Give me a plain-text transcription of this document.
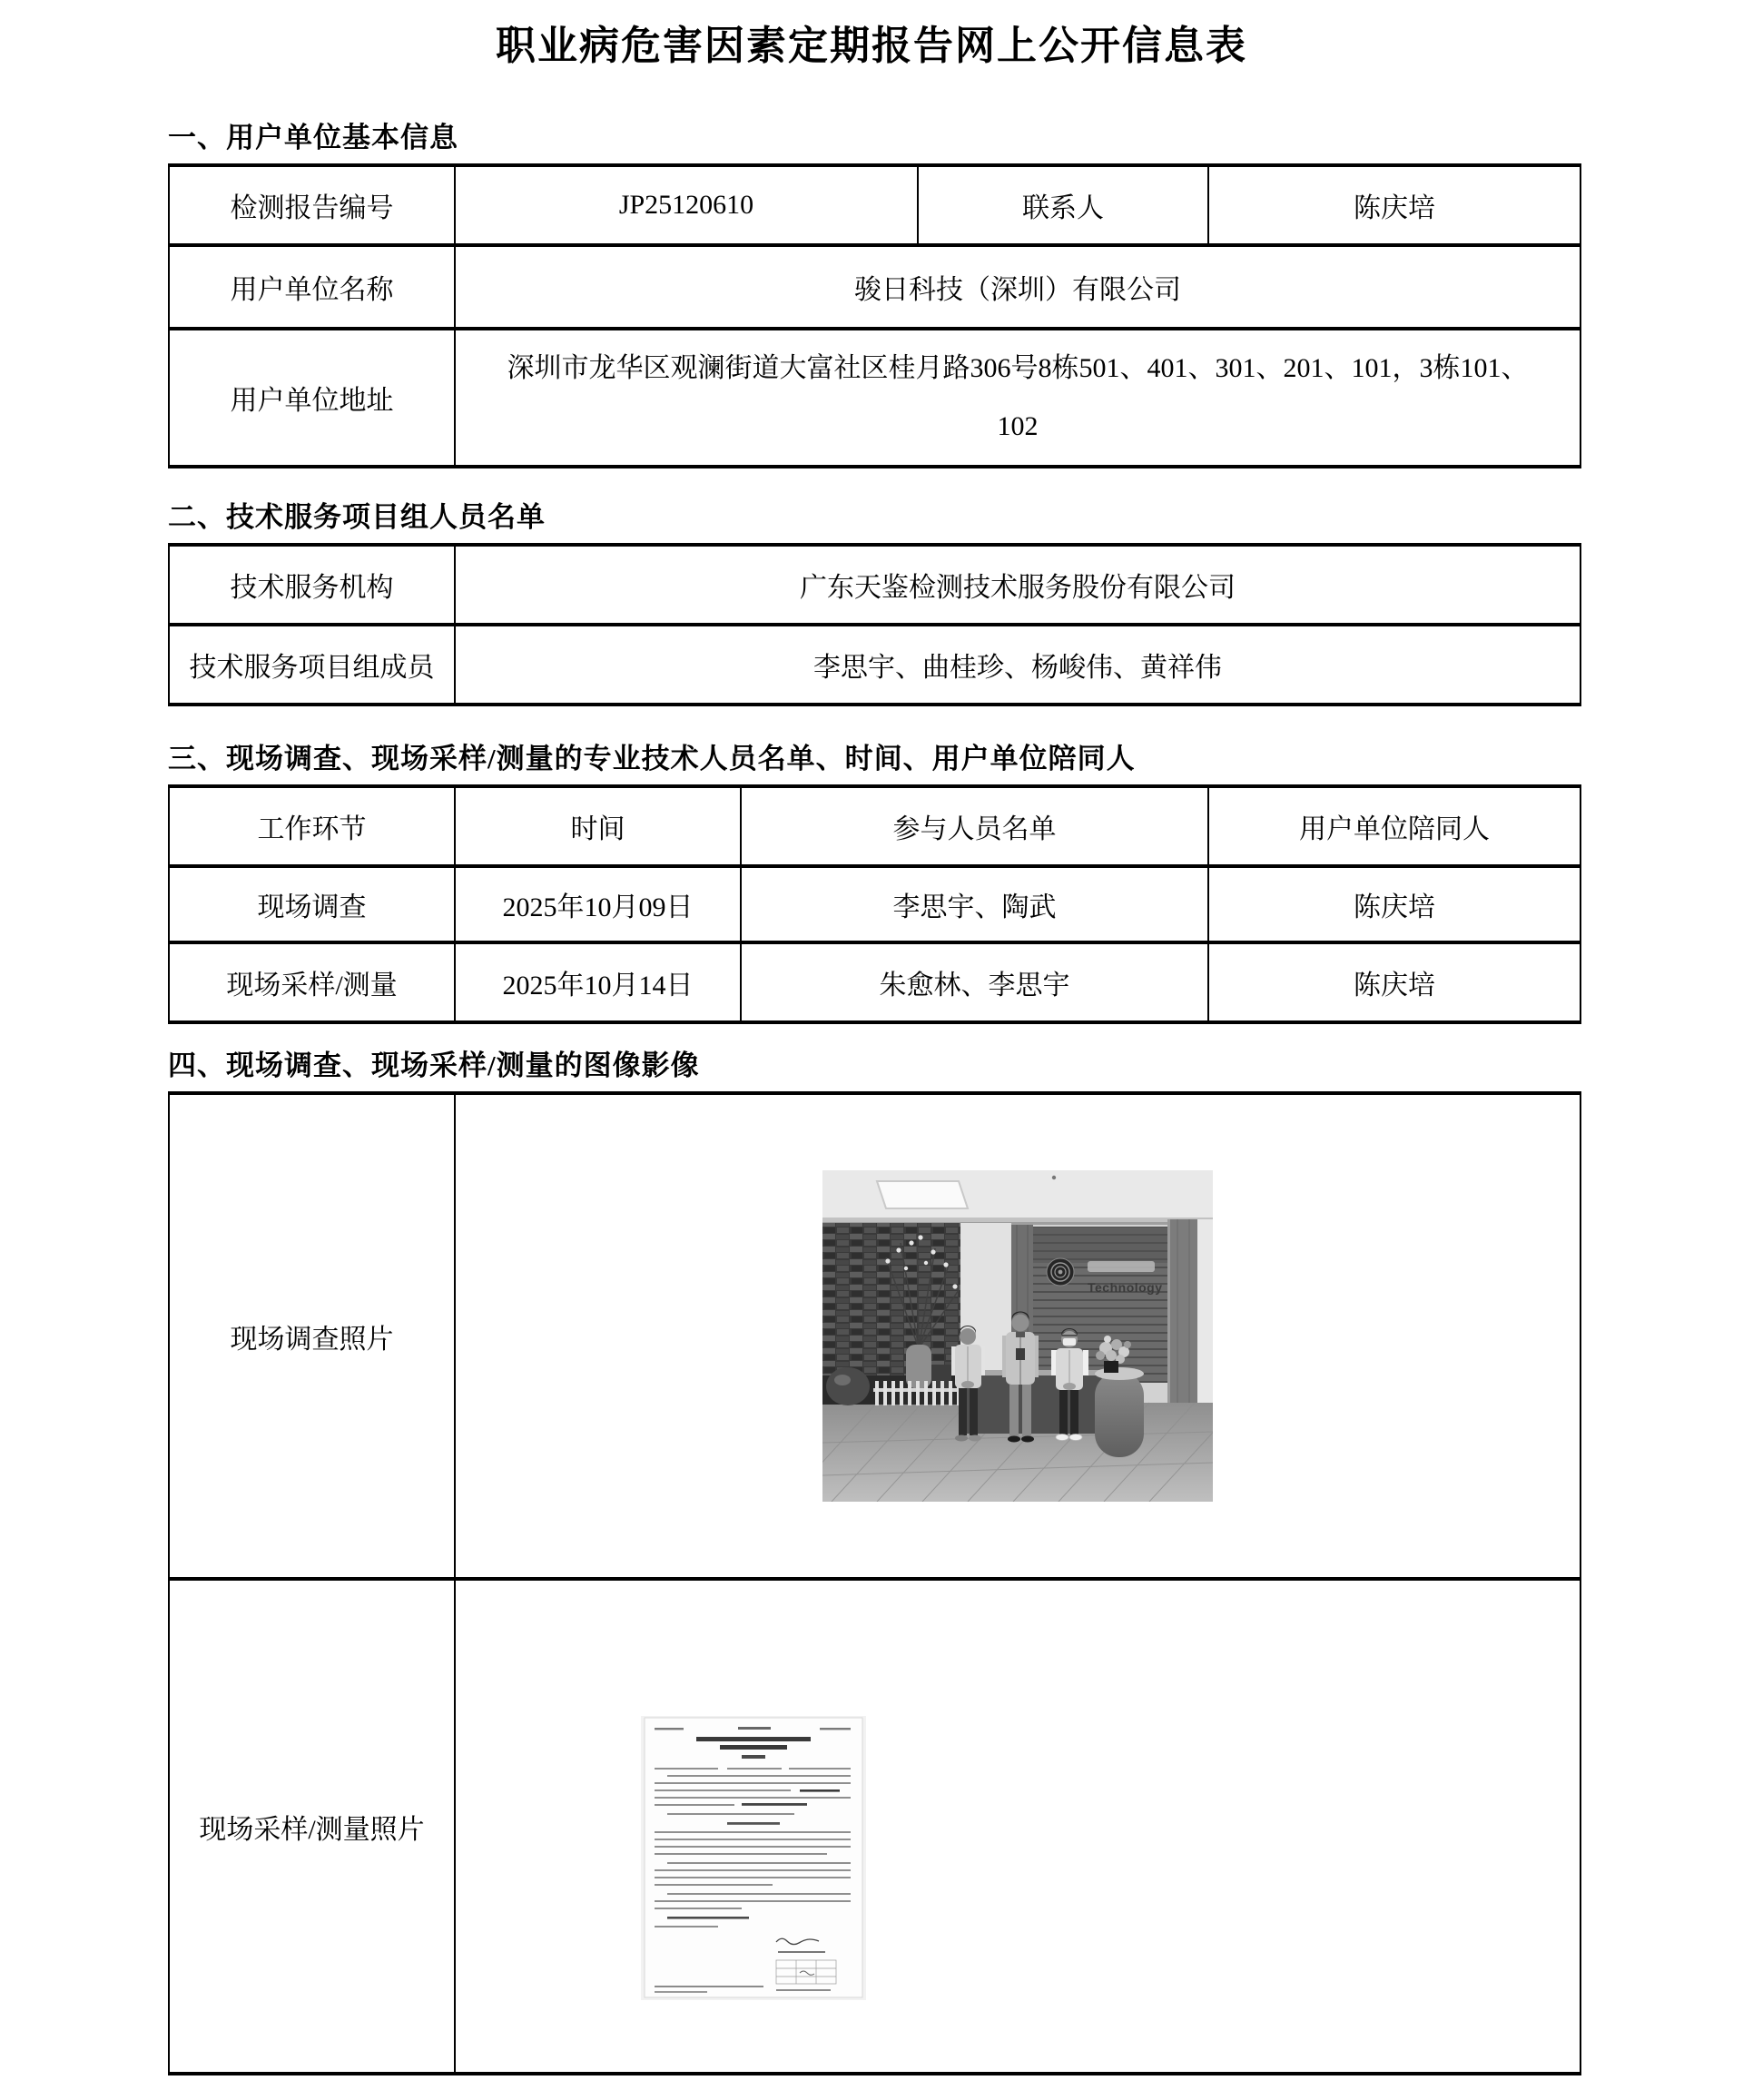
职业病危害因素定期报告网上公开信息表
一、用户单位基本信息
检测报告编号	JP25120610	联系人	陈庆培
用户单位名称	骏日科技（深圳）有限公司		
用户单位地址	深圳市龙华区观澜街道大富社区桂月路306号8栋501、401、301、201、101，3栋101、
102		
二、技术服务项目组人员名单
技术服务机构	广东天鉴检测技术服务股份有限公司
技术服务项目组成员	李思宇、曲桂珍、杨峻伟、黄祥伟
三、现场调查、现场采样/测量的专业技术人员名单、时间、用户单位陪同人
工作环节	时间	参与人员名单	用户单位陪同人
现场调查	2025年10月09日	李思宇、陶武	陈庆培
现场采样/测量	2025年10月14日	朱愈林、李思宇	陈庆培
四、现场调查、现场采样/测量的图像影像
现场调查照片	Technology

现场采样/测量照片	
